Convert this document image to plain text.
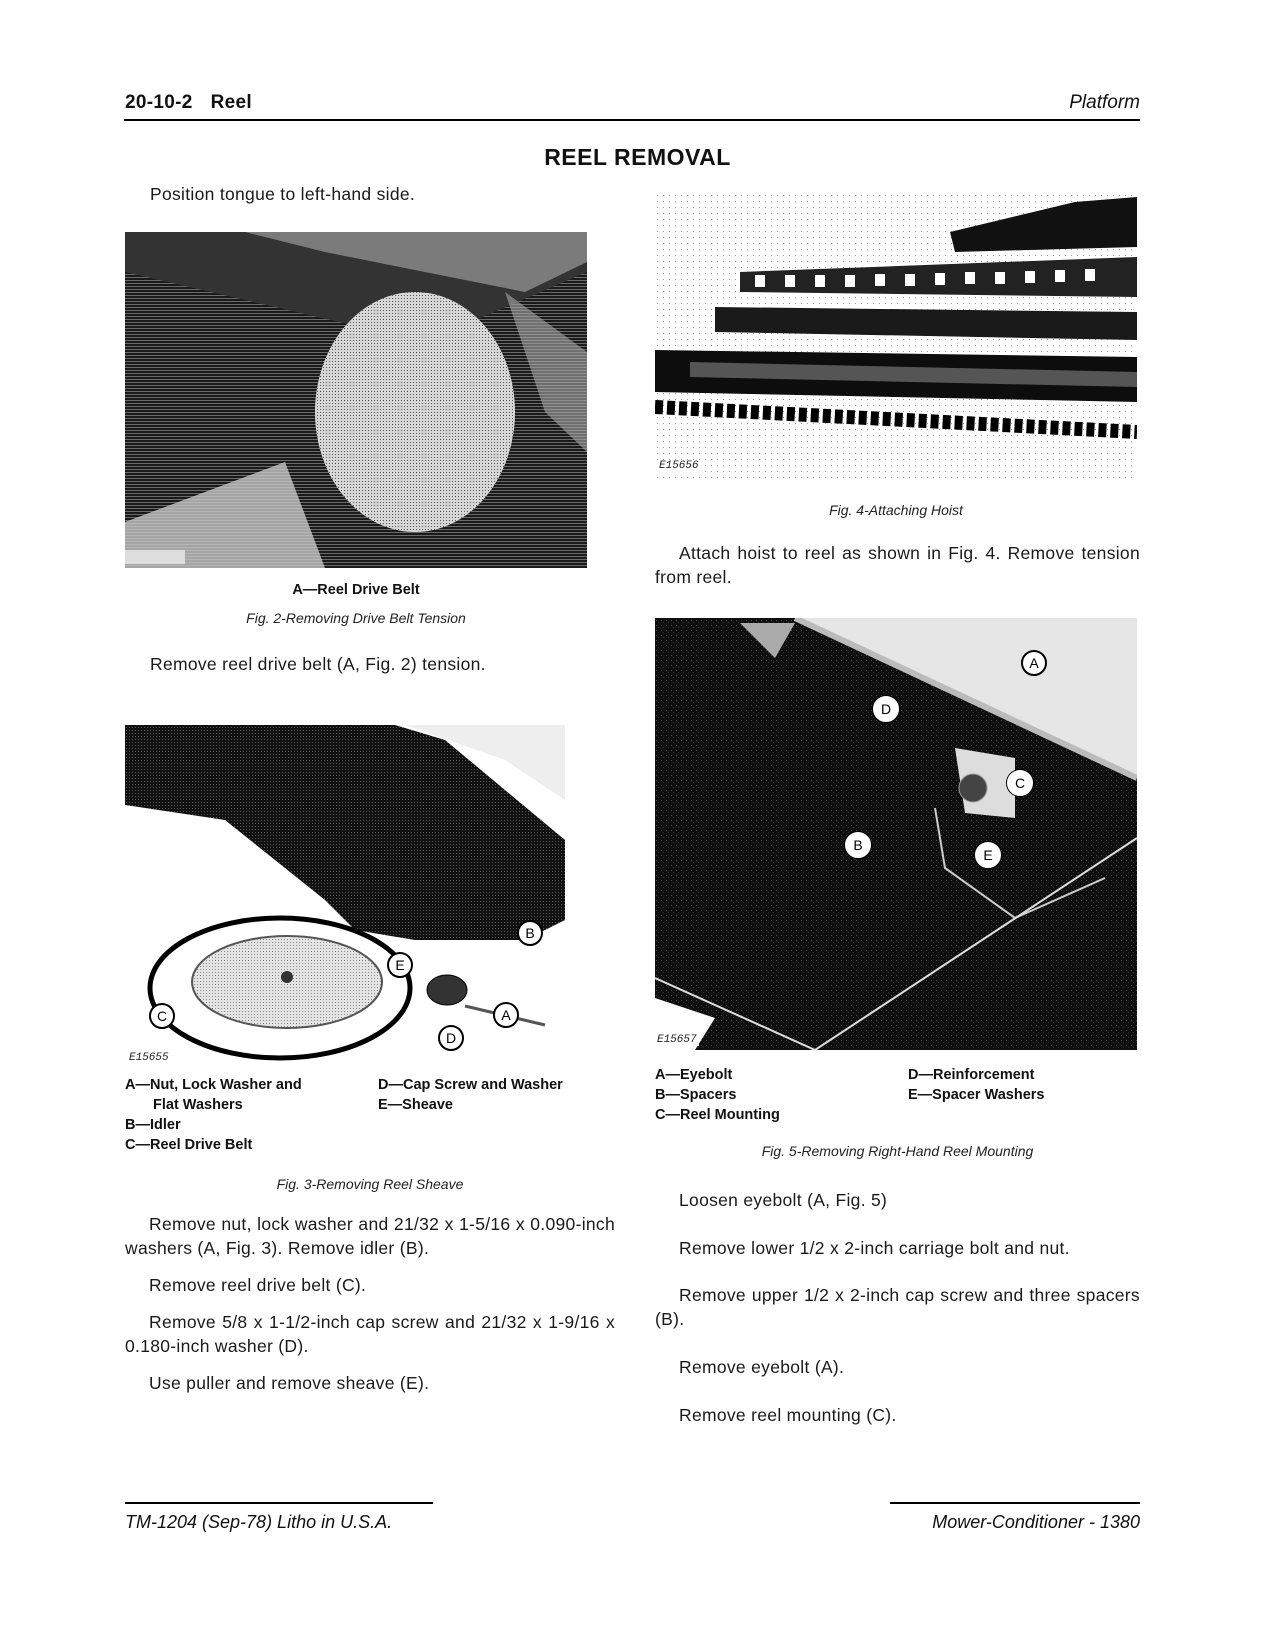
20-10-2 Reel	Platform
REEL REMOVAL
Position tongue to left-hand side.
A—Reel Drive Belt
Fig. 2-Removing Drive Belt Tension
Remove reel drive belt (A, Fig. 2) tension.
B
E
C	A
D
E15655
A—Nut, Lock Washer and
Flat Washers
B—Idler
C—Reel Drive Belt
D—Cap Screw and Washer
E—Sheave
Fig. 3-Removing Reel Sheave
Remove nut, lock washer and 21/32 x 1-5/16 x 0.090-inch washers (A, Fig. 3). Remove idler (B).
Remove reel drive belt (C).
Remove 5/8 x 1-1/2-inch cap screw and 21/32 x 1-9/16 x 0.180-inch washer (D).
Use puller and remove sheave (E).
E15656
Fig. 4-Attaching Hoist
Attach hoist to reel as shown in Fig. 4. Remove tension from reel.
A
D
C
B
E
E15657
A—Eyebolt
B—Spacers
C—Reel Mounting
D—Reinforcement
E—Spacer Washers
Fig. 5-Removing Right-Hand Reel Mounting
Loosen eyebolt (A, Fig. 5)
Remove lower 1/2 x 2-inch carriage bolt and nut.
Remove upper 1/2 x 2-inch cap screw and three spacers (B).
Remove eyebolt (A).
Remove reel mounting (C).
TM-1204 (Sep-78) Litho in U.S.A.	Mower-Conditioner - 1380
